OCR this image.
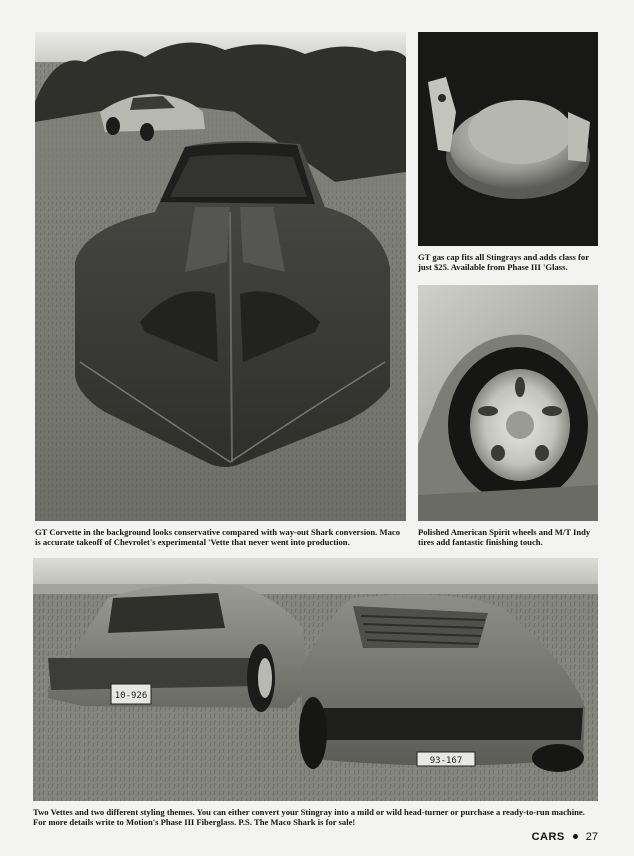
GT gas cap fits all Stingrays and adds class for just $25. Available from Phase III 'Glass.

Polished American Spirit wheels and M/T Indy tires add fantastic finishing touch.

GT Corvette in the background looks conservative compared with way-out Shark conversion. Maco is accurate takeoff of Chevrolet's experimental 'Vette that never went into production.

10-926
93-167

Two Vettes and two different styling themes. You can either convert your Stingray into a mild or wild head-turner or purchase a ready-to-run machine. For more details write to Motion's Phase III Fiberglass. P.S. The Maco Shark is for sale!

CARS 27
